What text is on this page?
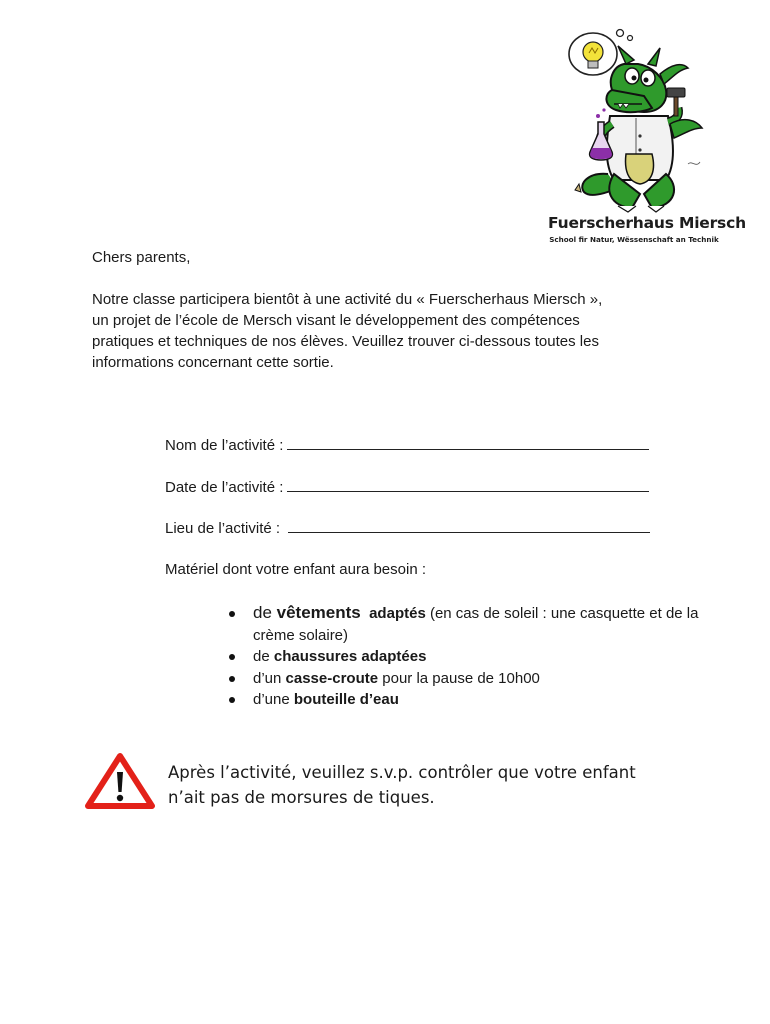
Fuerscherhaus Miersch
School fir Natur, Wëssenschaft an Technik

Chers parents,

Notre classe participera bientôt à une activité du « Fuerscherhaus Miersch »,
un projet de l’école de Mersch visant le développement des compétences
pratiques et techniques de nos élèves. Veuillez trouver ci-dessous toutes les
informations concernant cette sortie.

Nom de l’activité :
Date de l’activité :
Lieu de l’activité :
Matériel dont votre enfant aura besoin :
de vêtements adaptés (en cas de soleil : une casquette et de la crème solaire)
de chaussures adaptées
d’un casse-croute pour la pause de 10h00
d’une bouteille d’eau

Après l’activité, veuillez s.v.p. contrôler que votre enfant
n’ait pas de morsures de tiques.
